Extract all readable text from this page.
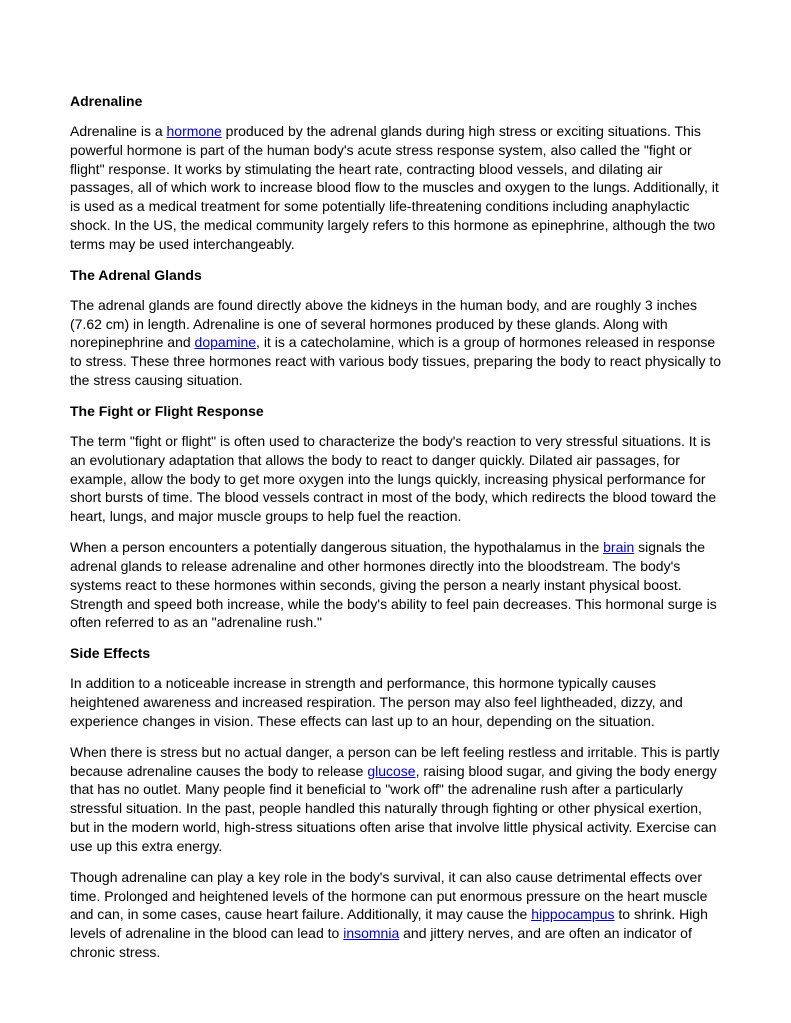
Adrenaline

Adrenaline is a hormone produced by the adrenal glands during high stress or exciting situations. This powerful hormone is part of the human body's acute stress response system, also called the "fight or flight" response. It works by stimulating the heart rate, contracting blood vessels, and dilating air passages, all of which work to increase blood flow to the muscles and oxygen to the lungs. Additionally, it is used as a medical treatment for some potentially life-threatening conditions including anaphylactic shock. In the US, the medical community largely refers to this hormone as epinephrine, although the two terms may be used interchangeably.

The Adrenal Glands

The adrenal glands are found directly above the kidneys in the human body, and are roughly 3 inches (7.62 cm) in length. Adrenaline is one of several hormones produced by these glands. Along with norepinephrine and dopamine, it is a catecholamine, which is a group of hormones released in response to stress. These three hormones react with various body tissues, preparing the body to react physically to the stress causing situation.

The Fight or Flight Response

The term "fight or flight" is often used to characterize the body's reaction to very stressful situations. It is an evolutionary adaptation that allows the body to react to danger quickly. Dilated air passages, for example, allow the body to get more oxygen into the lungs quickly, increasing physical performance for short bursts of time. The blood vessels contract in most of the body, which redirects the blood toward the heart, lungs, and major muscle groups to help fuel the reaction.

When a person encounters a potentially dangerous situation, the hypothalamus in the brain signals the adrenal glands to release adrenaline and other hormones directly into the bloodstream. The body's systems react to these hormones within seconds, giving the person a nearly instant physical boost. Strength and speed both increase, while the body's ability to feel pain decreases. This hormonal surge is often referred to as an "adrenaline rush."

Side Effects

In addition to a noticeable increase in strength and performance, this hormone typically causes heightened awareness and increased respiration. The person may also feel lightheaded, dizzy, and experience changes in vision. These effects can last up to an hour, depending on the situation.

When there is stress but no actual danger, a person can be left feeling restless and irritable. This is partly because adrenaline causes the body to release glucose, raising blood sugar, and giving the body energy that has no outlet. Many people find it beneficial to "work off" the adrenaline rush after a particularly stressful situation. In the past, people handled this naturally through fighting or other physical exertion, but in the modern world, high-stress situations often arise that involve little physical activity. Exercise can use up this extra energy.

Though adrenaline can play a key role in the body's survival, it can also cause detrimental effects over time. Prolonged and heightened levels of the hormone can put enormous pressure on the heart muscle and can, in some cases, cause heart failure. Additionally, it may cause the hippocampus to shrink. High levels of adrenaline in the blood can lead to insomnia and jittery nerves, and are often an indicator of chronic stress.
